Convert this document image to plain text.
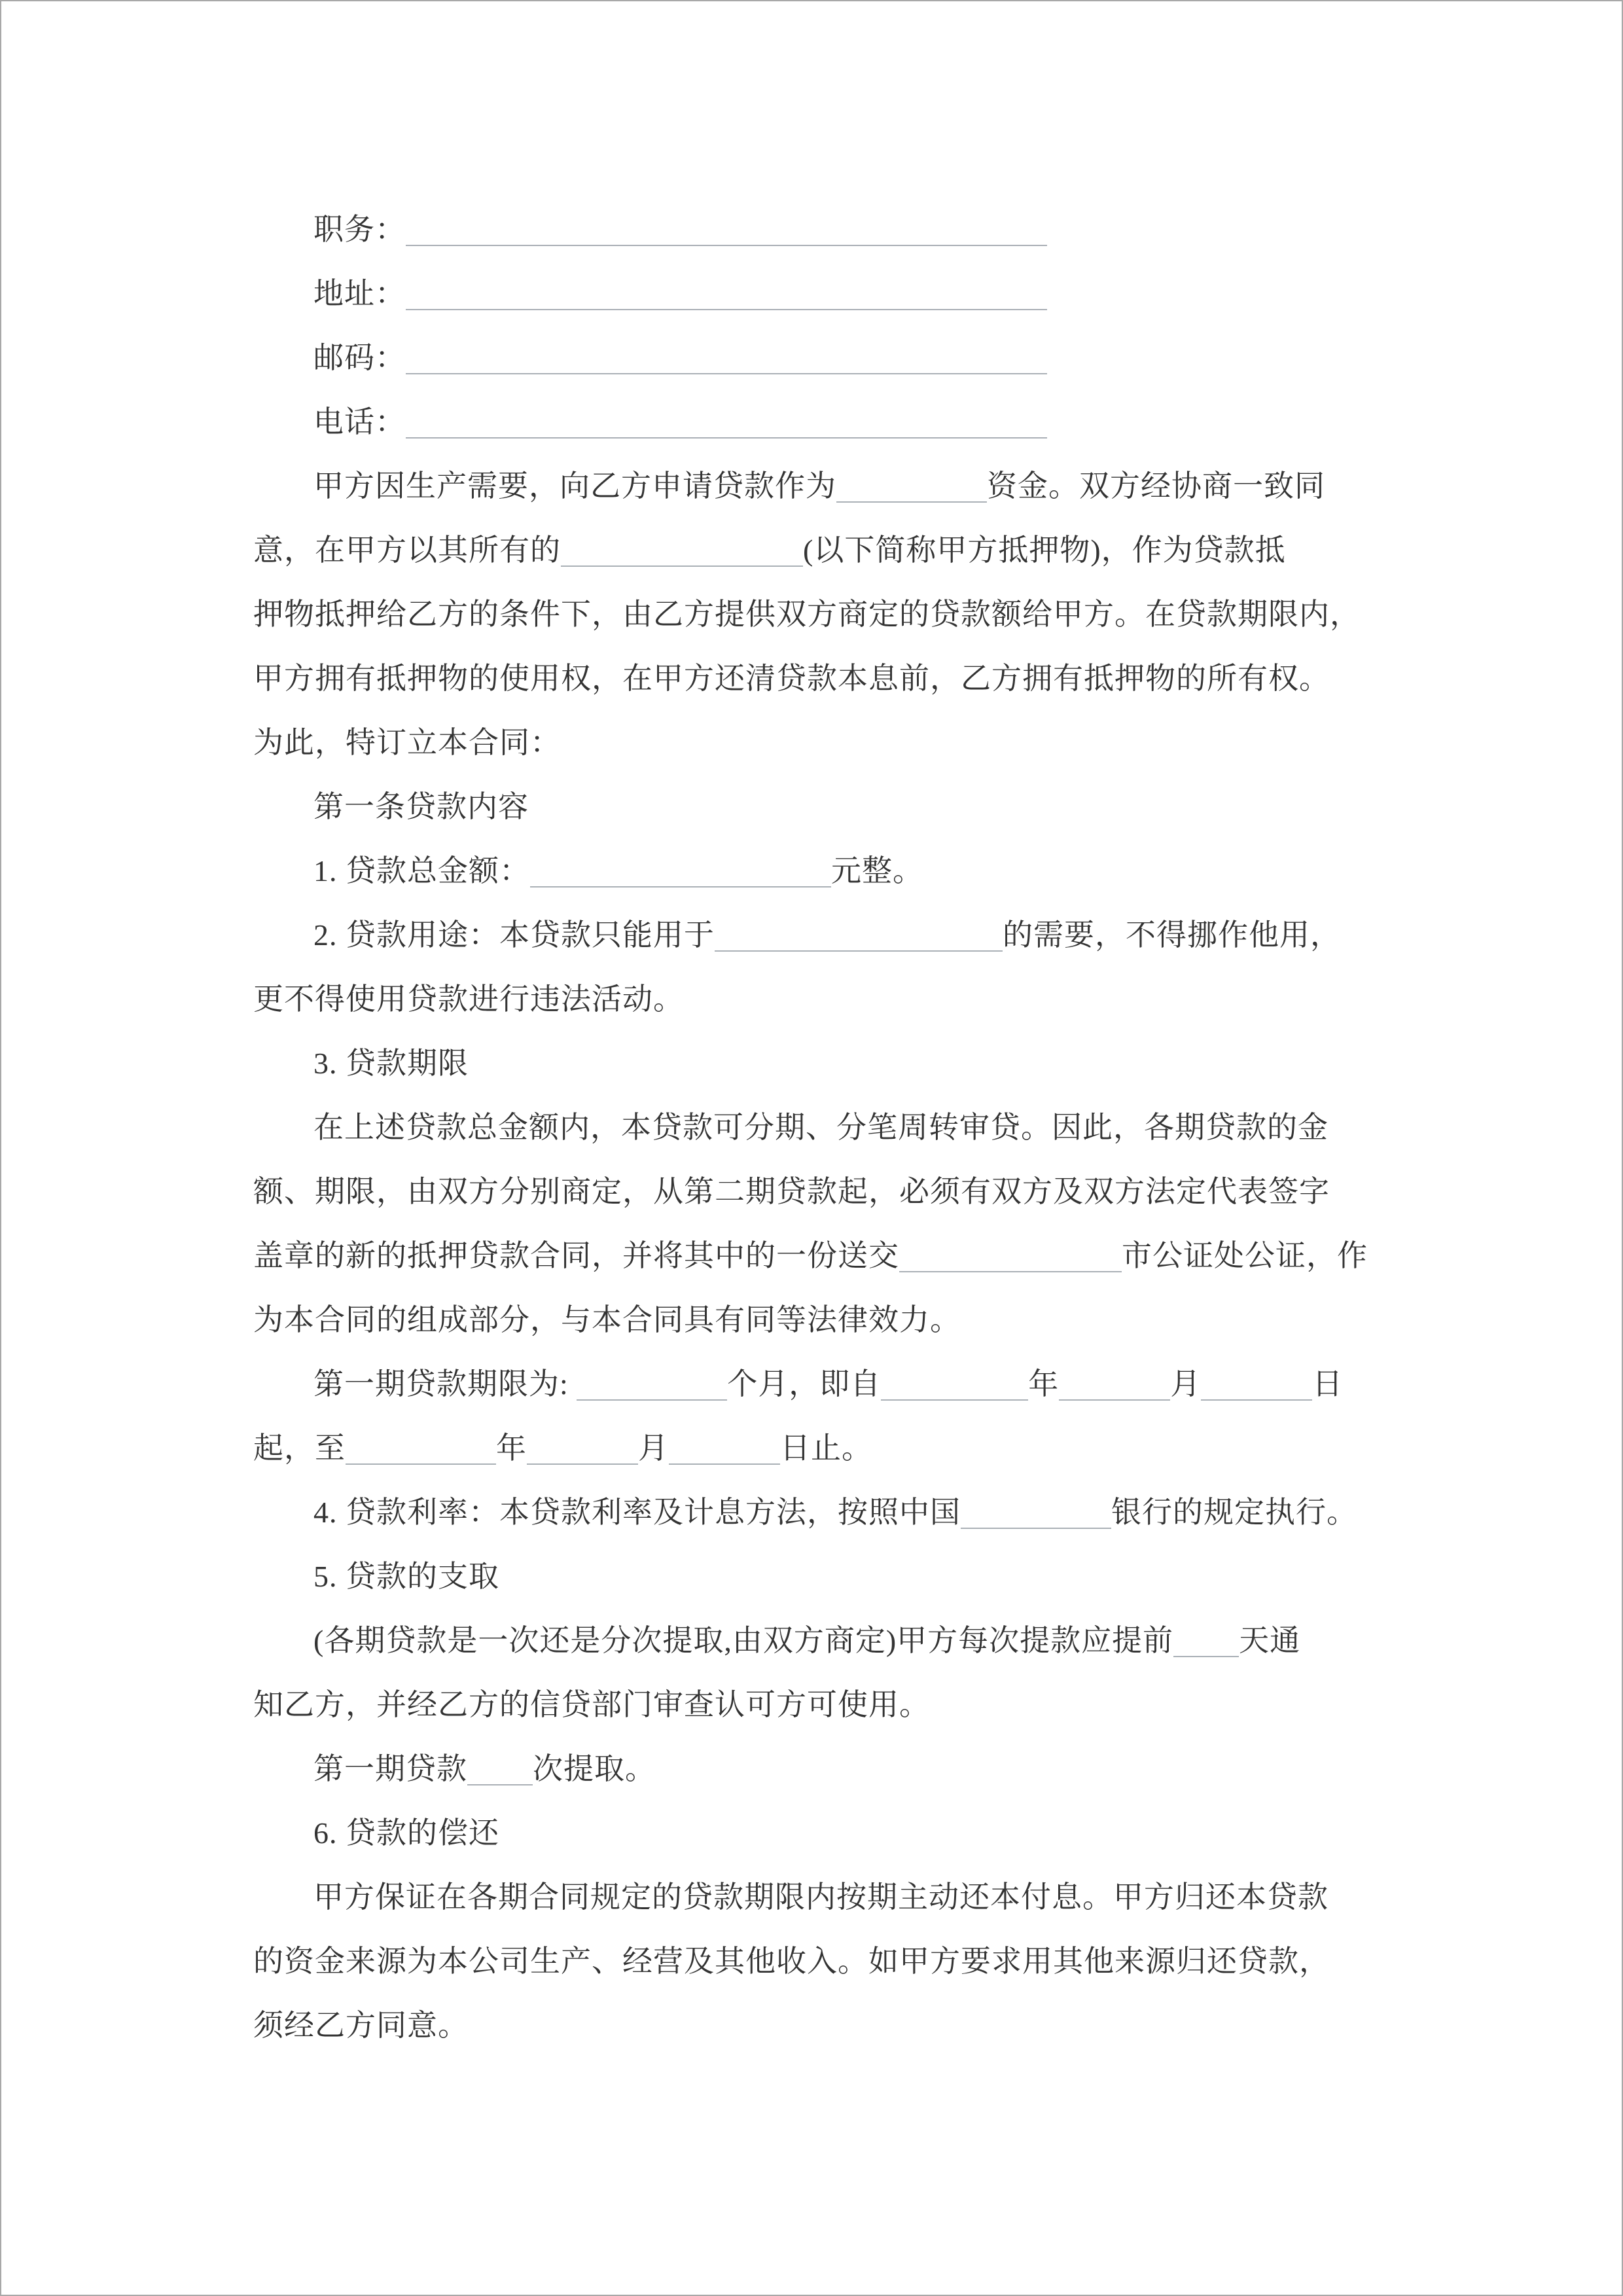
职务：
地址：
邮码：
电话：
甲方因生产需要，向乙方申请贷款作为	资金。双方经协商一致同
意，在甲方以其所有的	(以下简称甲方抵押物)，作为贷款抵
押物抵押给乙方的条件下，由乙方提供双方商定的贷款额给甲方。在贷款期限内，
甲方拥有抵押物的使用权，在甲方还清贷款本息前，乙方拥有抵押物的所有权。
为此，特订立本合同：
第一条贷款内容
1. 贷款总金额：	元整。
2. 贷款用途：本贷款只能用于	的需要，不得挪作他用，
更不得使用贷款进行违法活动。
3. 贷款期限
在上述贷款总金额内，本贷款可分期、分笔周转审贷。因此，各期贷款的金
额、期限，由双方分别商定，从第二期贷款起，必须有双方及双方法定代表签字
盖章的新的抵押贷款合同，并将其中的一份送交	市公证处公证，作
为本合同的组成部分，与本合同具有同等法律效力。
第一期贷款期限为:	个月，即自	年	月	日
起，至	年	月	日止。
4. 贷款利率：本贷款利率及计息方法，按照中国	银行的规定执行。
5. 贷款的支取
(各期贷款是一次还是分次提取,由双方商定)甲方每次提款应提前 天通
知乙方，并经乙方的信贷部门审查认可方可使用。
第一期贷款 次提取。
6. 贷款的偿还
甲方保证在各期合同规定的贷款期限内按期主动还本付息。甲方归还本贷款
的资金来源为本公司生产、经营及其他收入。如甲方要求用其他来源归还贷款，
须经乙方同意。
